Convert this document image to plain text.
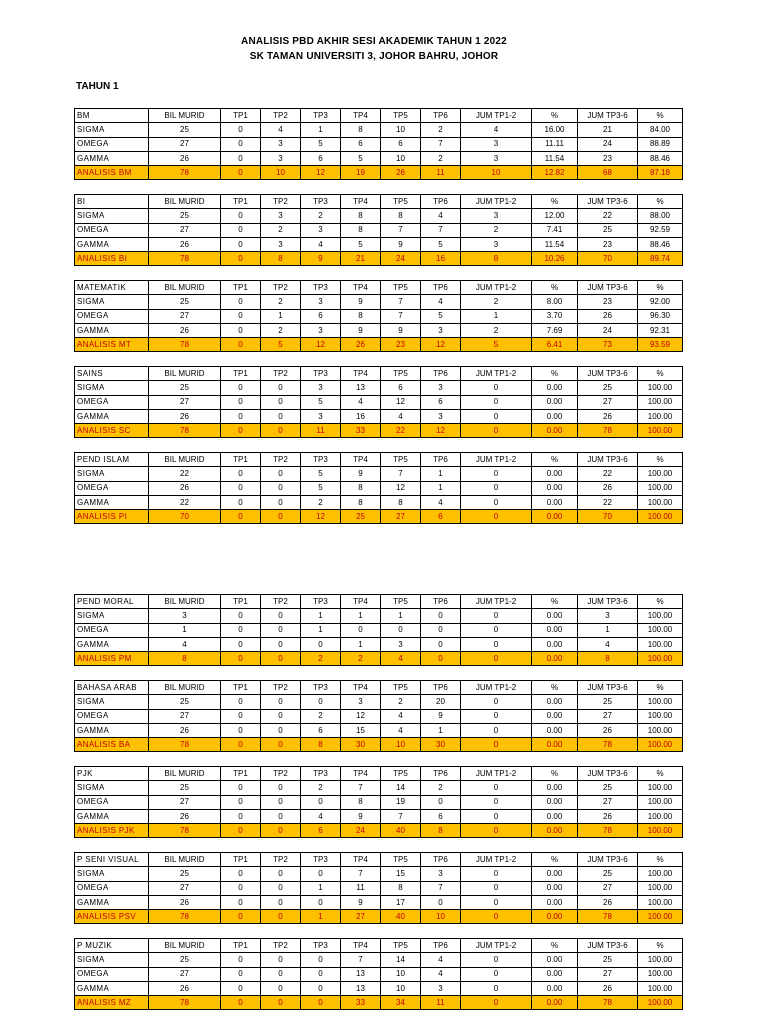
ANALISIS PBD AKHIR SESI AKADEMIK TAHUN 1 2022
SK TAMAN UNIVERSITI 3, JOHOR BAHRU, JOHOR
TAHUN 1
BM	BIL MURID	TP1	TP2	TP3	TP4	TP5	TP6	JUM TP1-2	%	JUM TP3-6	%
SIGMA	25	0	4	1	8	10	2	4	16.00	21	84.00
OMEGA	27	0	3	5	6	6	7	3	11.11	24	88.89
GAMMA	26	0	3	6	5	10	2	3	11.54	23	88.46
ANALISIS BM	78	0	10	12	19	26	11	10	12.82	68	87.18
BI	BIL MURID	TP1	TP2	TP3	TP4	TP5	TP6	JUM TP1-2	%	JUM TP3-6	%
SIGMA	25	0	3	2	8	8	4	3	12.00	22	88.00
OMEGA	27	0	2	3	8	7	7	2	7.41	25	92.59
GAMMA	26	0	3	4	5	9	5	3	11.54	23	88.46
ANALISIS BI	78	0	8	9	21	24	16	8	10.26	70	89.74
MATEMATIK	BIL MURID	TP1	TP2	TP3	TP4	TP5	TP6	JUM TP1-2	%	JUM TP3-6	%
SIGMA	25	0	2	3	9	7	4	2	8.00	23	92.00
OMEGA	27	0	1	6	8	7	5	1	3.70	26	96.30
GAMMA	26	0	2	3	9	9	3	2	7.69	24	92.31
ANALISIS MT	78	0	5	12	26	23	12	5	6.41	73	93.59
SAINS	BIL MURID	TP1	TP2	TP3	TP4	TP5	TP6	JUM TP1-2	%	JUM TP3-6	%
SIGMA	25	0	0	3	13	6	3	0	0.00	25	100.00
OMEGA	27	0	0	5	4	12	6	0	0.00	27	100.00
GAMMA	26	0	0	3	16	4	3	0	0.00	26	100.00
ANALISIS SC	78	0	0	11	33	22	12	0	0.00	78	100.00
PEND ISLAM	BIL MURID	TP1	TP2	TP3	TP4	TP5	TP6	JUM TP1-2	%	JUM TP3-6	%
SIGMA	22	0	0	5	9	7	1	0	0.00	22	100.00
OMEGA	26	0	0	5	8	12	1	0	0.00	26	100.00
GAMMA	22	0	0	2	8	8	4	0	0.00	22	100.00
ANALISIS PI	70	0	0	12	25	27	6	0	0.00	70	100.00
PEND MORAL	BIL MURID	TP1	TP2	TP3	TP4	TP5	TP6	JUM TP1-2	%	JUM TP3-6	%
SIGMA	3	0	0	1	1	1	0	0	0.00	3	100.00
OMEGA	1	0	0	1	0	0	0	0	0.00	1	100.00
GAMMA	4	0	0	0	1	3	0	0	0.00	4	100.00
ANALISIS PM	8	0	0	2	2	4	0	0	0.00	8	100.00
BAHASA ARAB	BIL MURID	TP1	TP2	TP3	TP4	TP5	TP6	JUM TP1-2	%	JUM TP3-6	%
SIGMA	25	0	0	0	3	2	20	0	0.00	25	100.00
OMEGA	27	0	0	2	12	4	9	0	0.00	27	100.00
GAMMA	26	0	0	6	15	4	1	0	0.00	26	100.00
ANALISIS BA	78	0	0	8	30	10	30	0	0.00	78	100.00
PJK	BIL MURID	TP1	TP2	TP3	TP4	TP5	TP6	JUM TP1-2	%	JUM TP3-6	%
SIGMA	25	0	0	2	7	14	2	0	0.00	25	100.00
OMEGA	27	0	0	0	8	19	0	0	0.00	27	100.00
GAMMA	26	0	0	4	9	7	6	0	0.00	26	100.00
ANALISIS PJK	78	0	0	6	24	40	8	0	0.00	78	100.00
P SENI VISUAL	BIL MURID	TP1	TP2	TP3	TP4	TP5	TP6	JUM TP1-2	%	JUM TP3-6	%
SIGMA	25	0	0	0	7	15	3	0	0.00	25	100.00
OMEGA	27	0	0	1	11	8	7	0	0.00	27	100.00
GAMMA	26	0	0	0	9	17	0	0	0.00	26	100.00
ANALISIS PSV	78	0	0	1	27	40	10	0	0.00	78	100.00
P MUZIK	BIL MURID	TP1	TP2	TP3	TP4	TP5	TP6	JUM TP1-2	%	JUM TP3-6	%
SIGMA	25	0	0	0	7	14	4	0	0.00	25	100.00
OMEGA	27	0	0	0	13	10	4	0	0.00	27	100.00
GAMMA	26	0	0	0	13	10	3	0	0.00	26	100.00
ANALISIS MZ	78	0	0	0	33	34	11	0	0.00	78	100.00
